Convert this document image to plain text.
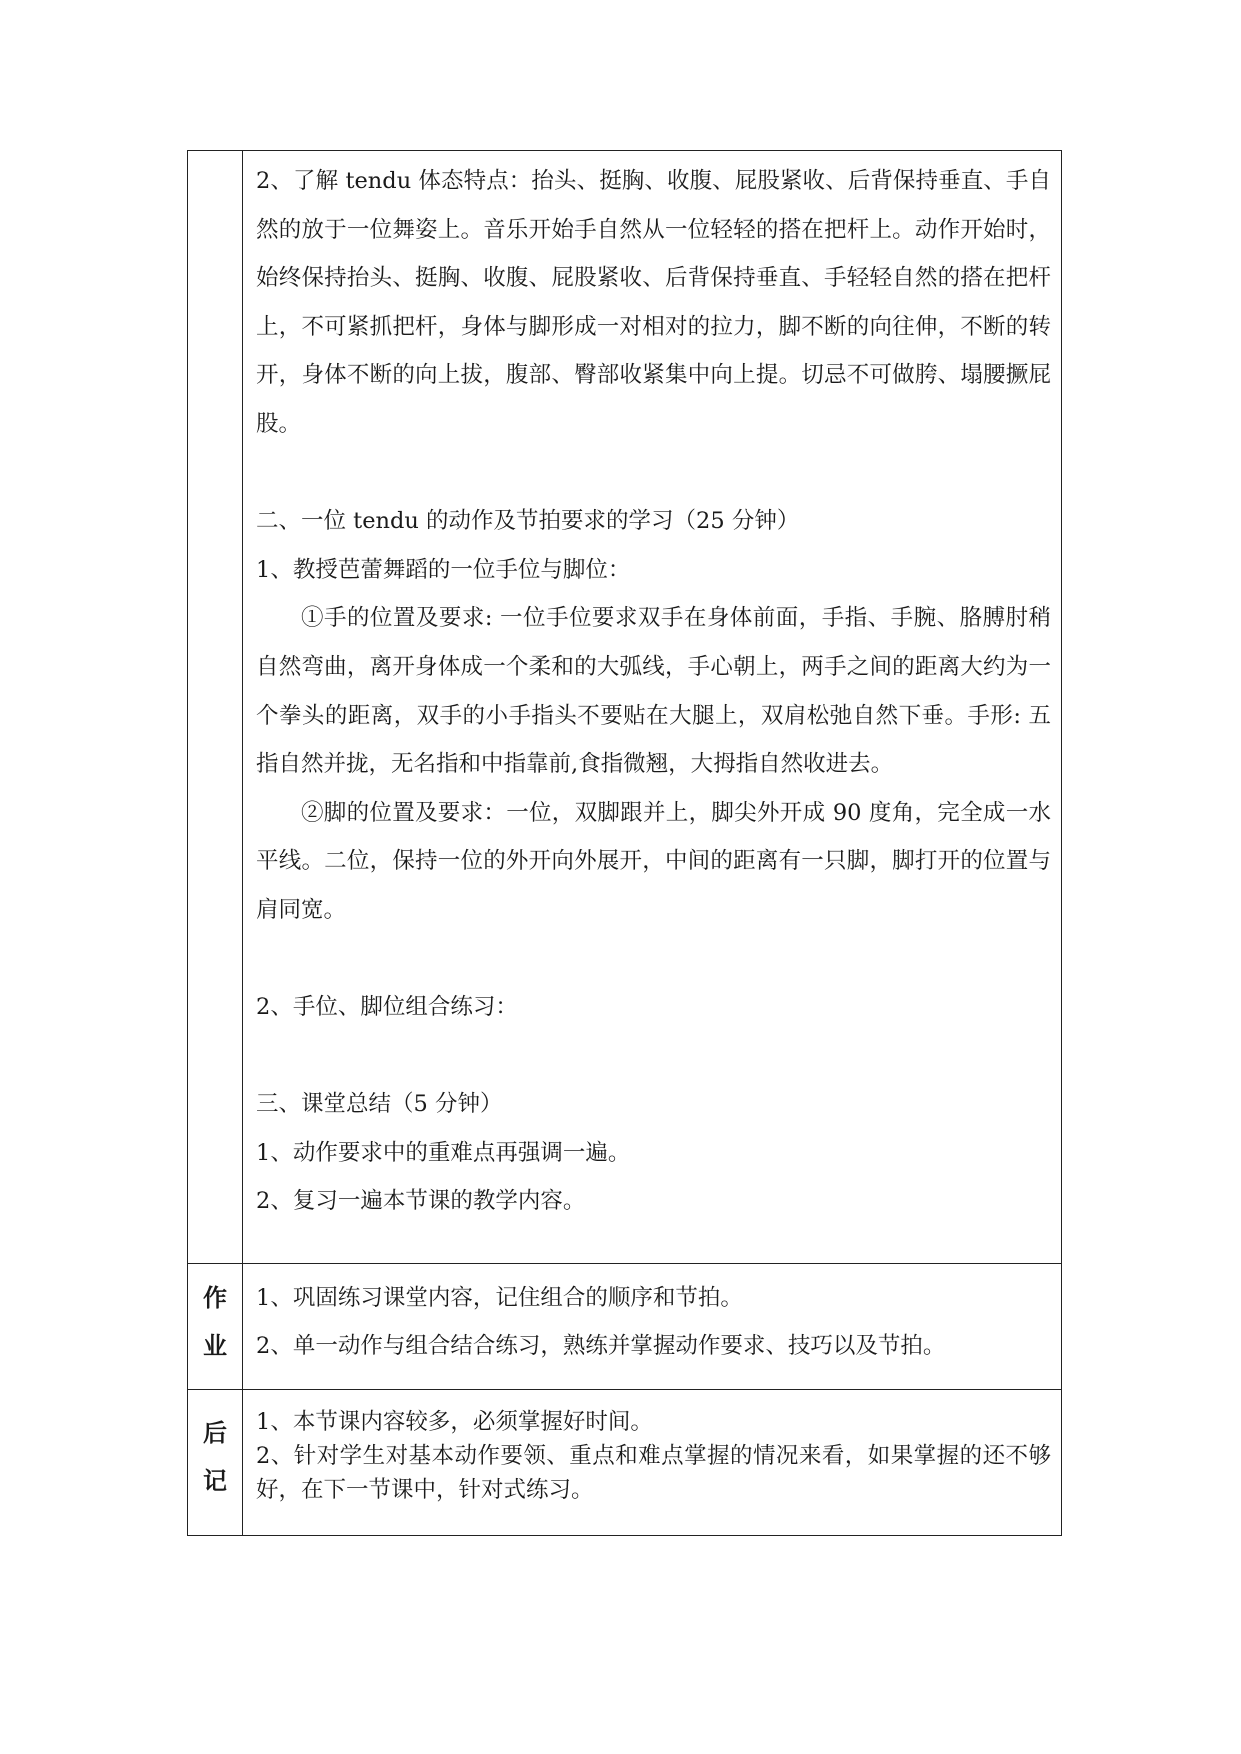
2、了解 tendu 体态特点：抬头、挺胸、收腹、屁股紧收、后背保持垂直、手自然的放于一位舞姿上。音乐开始手自然从一位轻轻的搭在把杆上。动作开始时，始终保持抬头、挺胸、收腹、屁股紧收、后背保持垂直、手轻轻自然的搭在把杆上，不可紧抓把杆，身体与脚形成一对相对的拉力，脚不断的向往伸，不断的转开，身体不断的向上拔，腹部、臀部收紧集中向上提。切忌不可做胯、塌腰撅屁股。

二、一位 tendu 的动作及节拍要求的学习（25 分钟）

1、教授芭蕾舞蹈的一位手位与脚位：

①手的位置及要求: 一位手位要求双手在身体前面，手指、手腕、胳膊肘稍自然弯曲，离开身体成一个柔和的大弧线，手心朝上，两手之间的距离大约为一个拳头的距离，双手的小手指头不要贴在大腿上，双肩松弛自然下垂。手形: 五指自然并拢，无名指和中指靠前,食指微翘，大拇指自然收进去。

②脚的位置及要求：一位，双脚跟并上，脚尖外开成 90 度角，完全成一水平线。二位，保持一位的外开向外展开，中间的距离有一只脚，脚打开的位置与肩同宽。

2、手位、脚位组合练习：

三、课堂总结（5 分钟）

1、动作要求中的重难点再强调一遍。

2、复习一遍本节课的教学内容。

作
业

1、巩固练习课堂内容，记住组合的顺序和节拍。

2、单一动作与组合结合练习，熟练并掌握动作要求、技巧以及节拍。

后
记

1、本节课内容较多，必须掌握好时间。

2、针对学生对基本动作要领、重点和难点掌握的情况来看，如果掌握的还不够好，在下一节课中，针对式练习。
